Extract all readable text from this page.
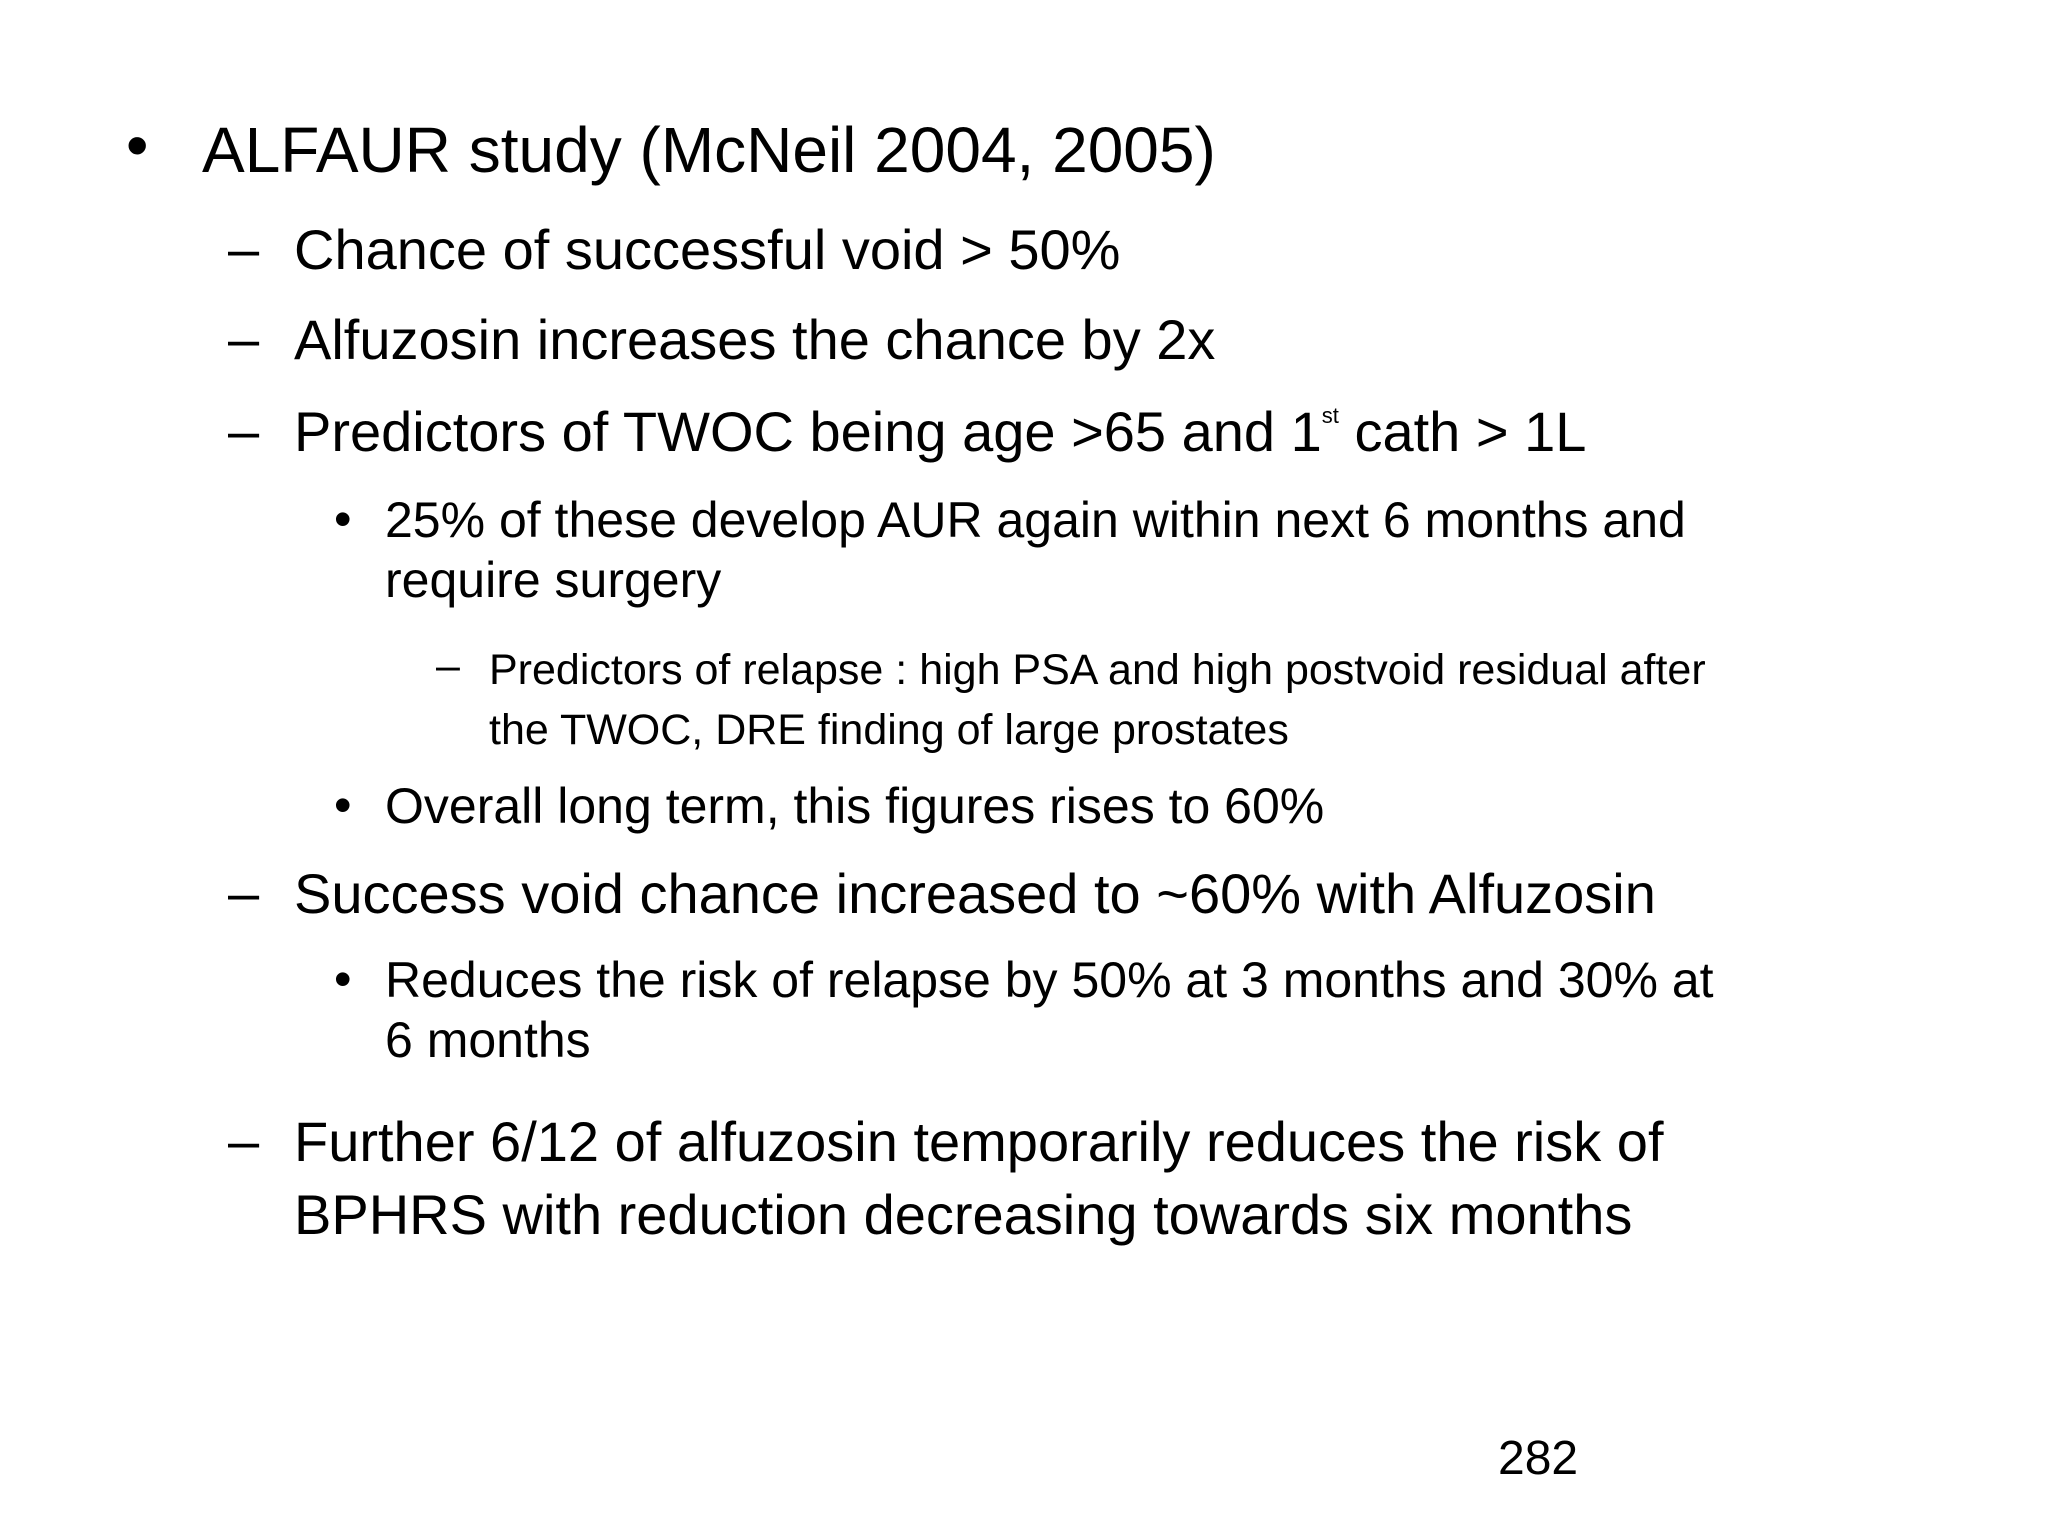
• ALFAUR study (McNeil 2004, 2005)
– Chance of successful void > 50%
– Alfuzosin increases the chance by 2x
– Predictors of TWOC being age >65 and 1st cath > 1L
• 25% of these develop AUR again within next 6 months and
require surgery
– Predictors of relapse : high PSA and high postvoid residual after
the TWOC, DRE finding of large prostates
• Overall long term, this figures rises to 60%
– Success void chance increased to ~60% with Alfuzosin
• Reduces the risk of relapse by 50% at 3 months and 30% at
6 months
– Further 6/12 of alfuzosin temporarily reduces the risk of
BPHRS with reduction decreasing towards six months
282
